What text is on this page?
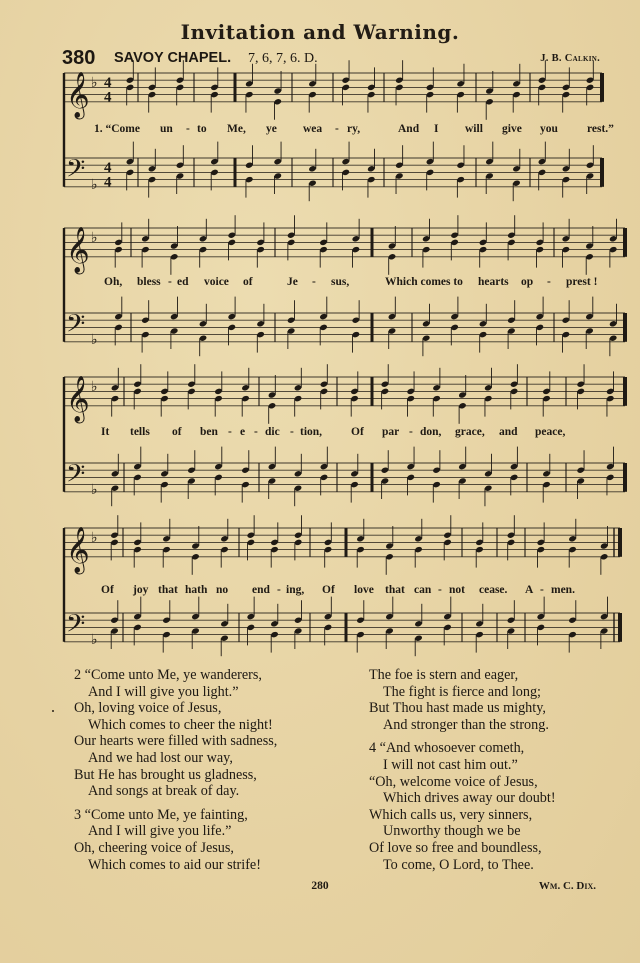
Invitation and Warning.
380 SAVOY CHAPEL. 7, 6, 7, 6. D.	J. B. Calkin.
𝄞
𝄢
♭
♭
4
4
4
4
1. “Come un - to Me, ye wea - ry,	And I will give you	rest.”
𝄞
𝄢
♭
♭
Oh, bless - ed voice of	Je - sus,	Which comes to hearts op - prest !
𝄞
𝄢
♭
♭
It tells of ben - e - dic - tion,	Of par - don, grace, and peace,
𝄞
𝄢
♭
♭
Of joy that hath no end - ing, Of love that can - not cease. A - men.
2 “Come unto Me, ye wanderers,
And I will give you light.”
Oh, loving voice of Jesus,
Which comes to cheer the night!
Our hearts were filled with sadness,
And we had lost our way,
But He has brought us gladness,
And songs at break of day.
3 “Come unto Me, ye fainting,
And I will give you life.”
Oh, cheering voice of Jesus,
Which comes to aid our strife!
The foe is stern and eager,
The fight is fierce and long;
But Thou hast made us mighty,
And stronger than the strong.
4 “And whosoever cometh,
I will not cast him out.”
“Oh, welcome voice of Jesus,
Which drives away our doubt!
Which calls us, very sinners,
Unworthy though we be
Of love so free and boundless,
To come, O Lord, to Thee.
280	Wm. C. Dix.
